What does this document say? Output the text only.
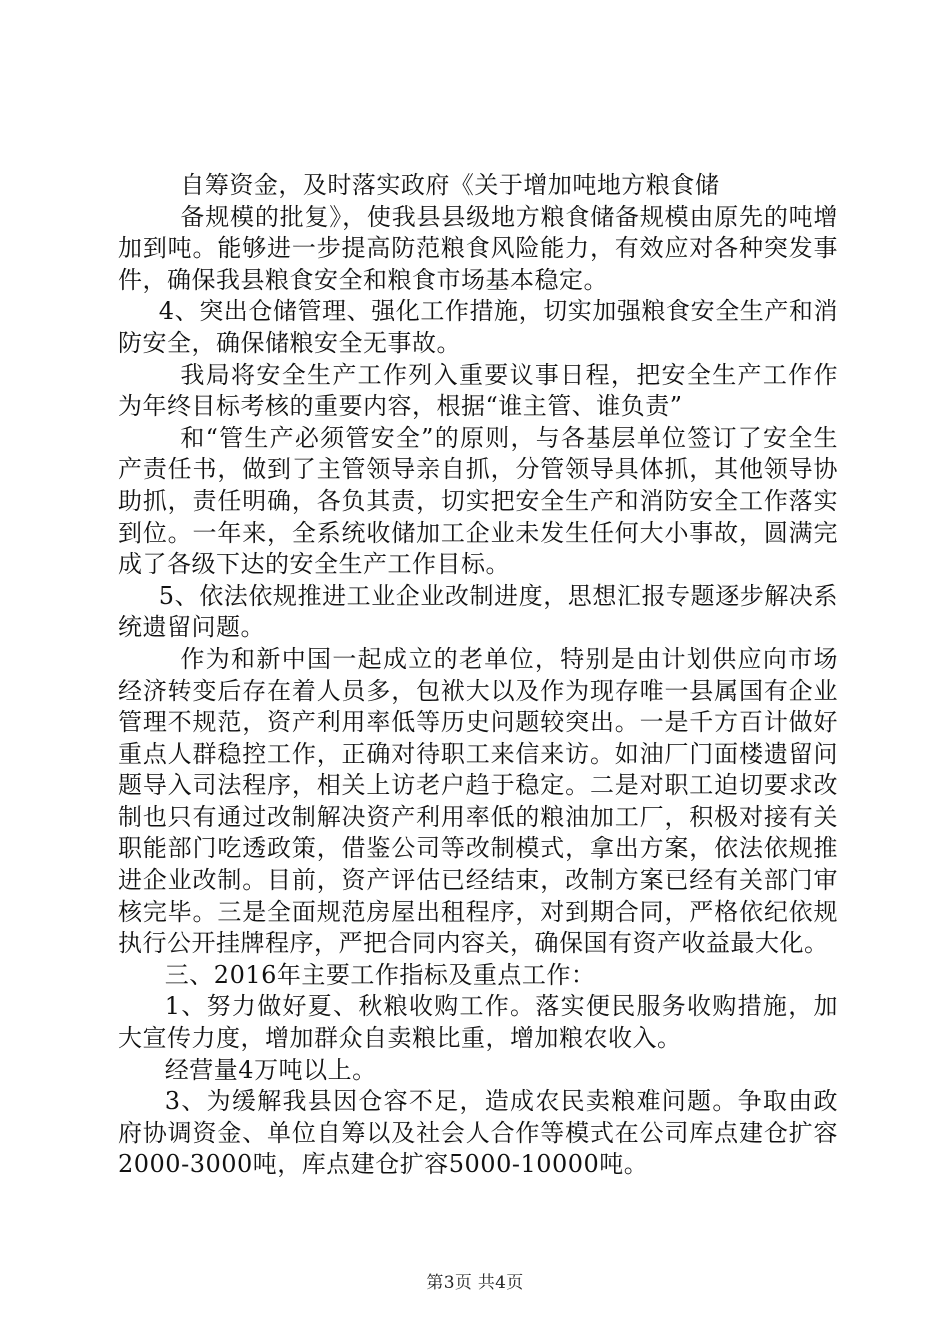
自筹资金，及时落实政府《关于增加吨地方粮食储

备规模的批复》，使我县县级地方粮食储备规模由原先的吨增加到吨。能够进一步提高防范粮食风险能力，有效应对各种突发事件，确保我县粮食安全和粮食市场基本稳定。

4、突出仓储管理、强化工作措施，切实加强粮食安全生产和消防安全，确保储粮安全无事故。

我局将安全生产工作列入重要议事日程，把安全生产工作作为年终目标考核的重要内容，根据“谁主管、谁负责”

和“管生产必须管安全”的原则，与各基层单位签订了安全生产责任书，做到了主管领导亲自抓，分管领导具体抓，其他领导协助抓，责任明确，各负其责，切实把安全生产和消防安全工作落实到位。一年来，全系统收储加工企业未发生任何大小事故，圆满完成了各级下达的安全生产工作目标。

5、依法依规推进工业企业改制进度，思想汇报专题逐步解决系统遗留问题。

作为和新中国一起成立的老单位，特别是由计划供应向市场经济转变后存在着人员多，包袱大以及作为现存唯一县属国有企业管理不规范，资产利用率低等历史问题较突出。一是千方百计做好重点人群稳控工作，正确对待职工来信来访。如油厂门面楼遗留问题导入司法程序，相关上访老户趋于稳定。二是对职工迫切要求改制也只有通过改制解决资产利用率低的粮油加工厂，积极对接有关职能部门吃透政策，借鉴公司等改制模式，拿出方案，依法依规推进企业改制。目前，资产评估已经结束，改制方案已经有关部门审核完毕。三是全面规范房屋出租程序，对到期合同，严格依纪依规执行公开挂牌程序，严把合同内容关，确保国有资产收益最大化。

三、2016年主要工作指标及重点工作：

1、努力做好夏、秋粮收购工作。落实便民服务收购措施，加大宣传力度，增加群众自卖粮比重，增加粮农收入。

经营量4万吨以上。

3、为缓解我县因仓容不足，造成农民卖粮难问题。争取由政府协调资金、单位自筹以及社会人合作等模式在公司库点建仓扩容2000-3000吨，库点建仓扩容5000-10000吨。

第3页 共4页
